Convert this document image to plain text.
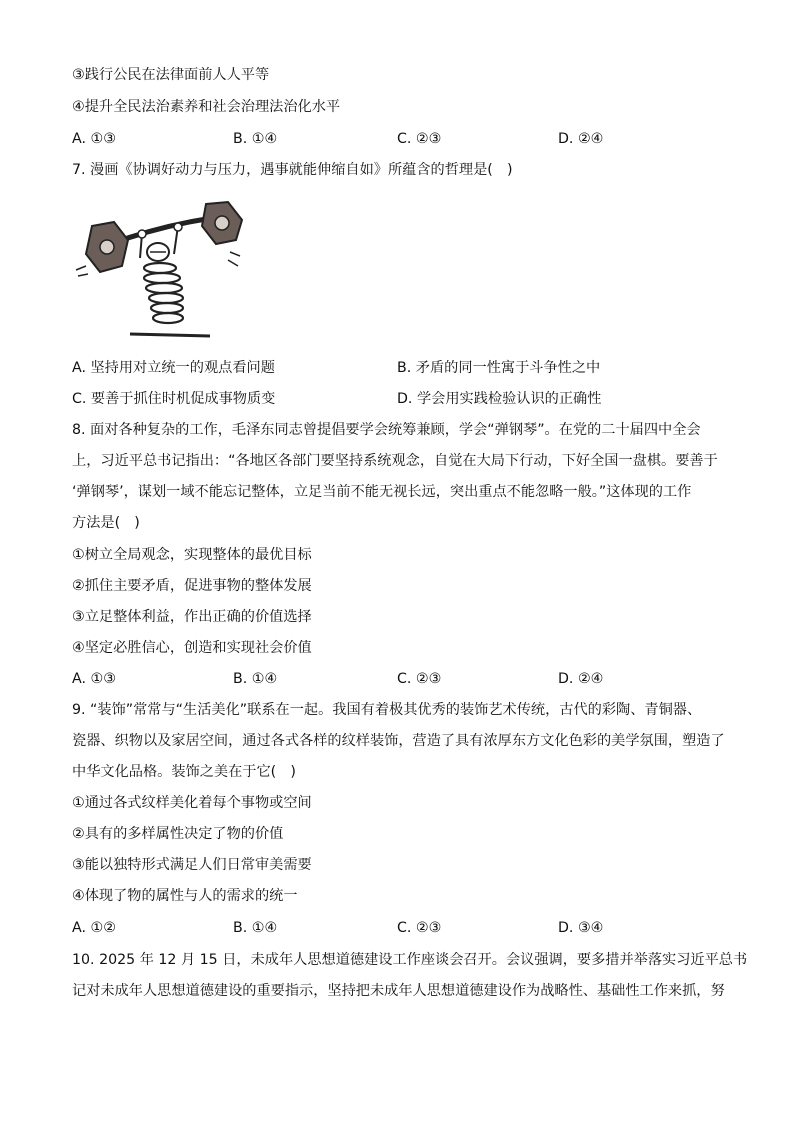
③践行公民在法律面前人人平等
④提升全民法治素养和社会治理法治化水平
A. ①③	B. ①④	C. ②③	D. ②④
7. 漫画《协调好动力与压力，遇事就能伸缩自如》所蕴含的哲理是(　)
A. 坚持用对立统一的观点看问题	B. 矛盾的同一性寓于斗争性之中
C. 要善于抓住时机促成事物质变	D. 学会用实践检验认识的正确性
8. 面对各种复杂的工作，毛泽东同志曾提倡要学会统筹兼顾，学会“弹钢琴”。在党的二十届四中全会
上，习近平总书记指出：“各地区各部门要坚持系统观念，自觉在大局下行动，下好全国一盘棋。要善于
‘弹钢琴’，谋划一域不能忘记整体，立足当前不能无视长远，突出重点不能忽略一般。”这体现的工作
方法是(　)
①树立全局观念，实现整体的最优目标
②抓住主要矛盾，促进事物的整体发展
③立足整体利益，作出正确的价值选择
④坚定必胜信心，创造和实现社会价值
A. ①③	B. ①④	C. ②③	D. ②④
9. “装饰”常常与“生活美化”联系在一起。我国有着极其优秀的装饰艺术传统，古代的彩陶、青铜器、
瓷器、织物以及家居空间，通过各式各样的纹样装饰，营造了具有浓厚东方文化色彩的美学氛围，塑造了
中华文化品格。装饰之美在于它(　)
①通过各式纹样美化着每个事物或空间
②具有的多样属性决定了物的价值
③能以独特形式满足人们日常审美需要
④体现了物的属性与人的需求的统一
A. ①②	B. ①④	C. ②③	D. ③④
10. 2025 年 12 月 15 日，未成年人思想道德建设工作座谈会召开。会议强调，要多措并举落实习近平总书
记对未成年人思想道德建设的重要指示，坚持把未成年人思想道德建设作为战略性、基础性工作来抓，努
